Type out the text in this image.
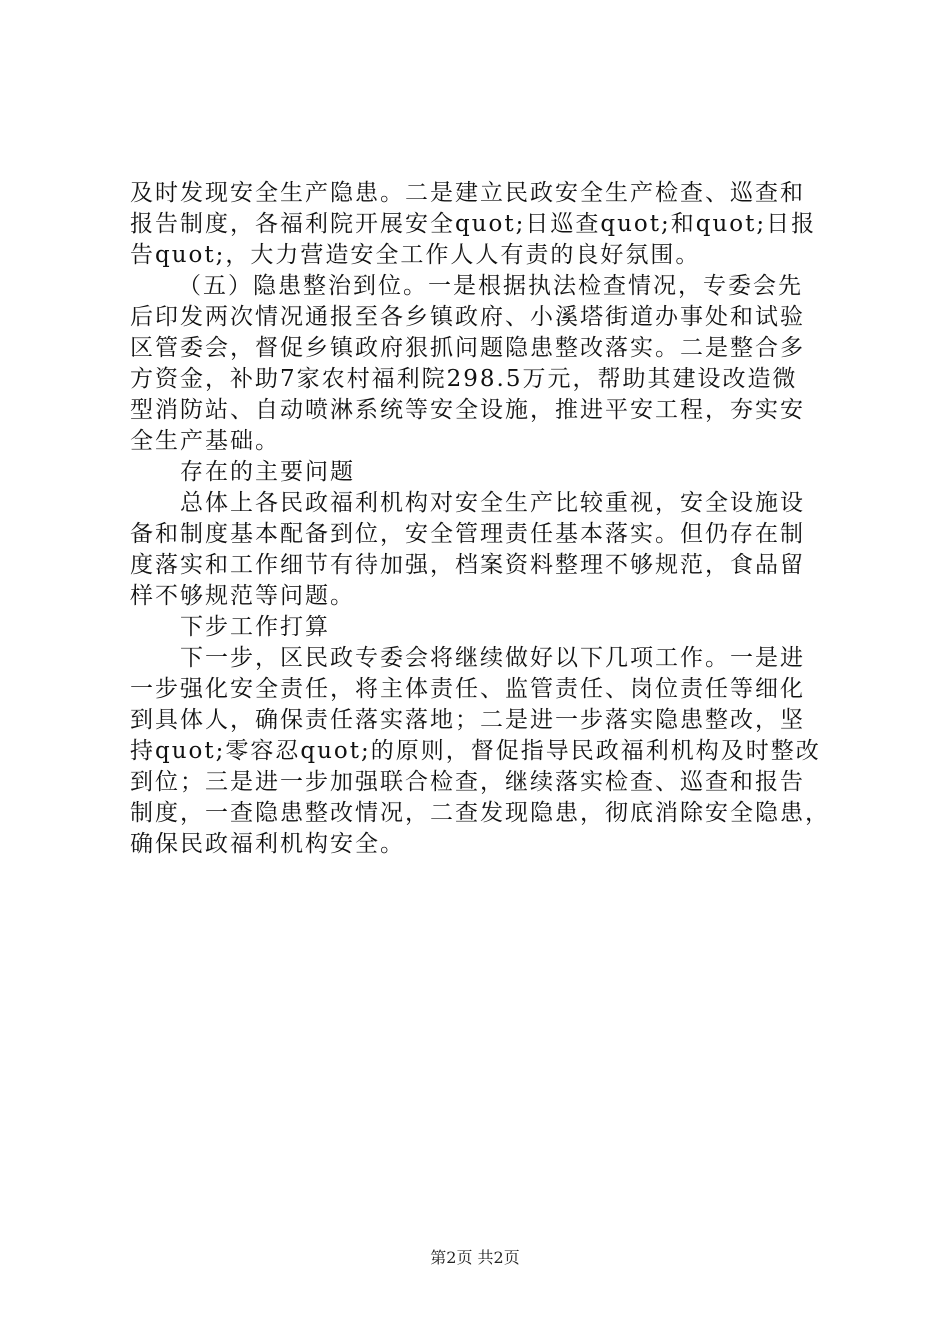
及时发现安全生产隐患。二是建立民政安全生产检查、巡查和
报告制度，各福利院开展安全quot;日巡查quot;和quot;日报
告quot;，大力营造安全工作人人有责的良好氛围。
（五）隐患整治到位。一是根据执法检查情况，专委会先
后印发两次情况通报至各乡镇政府、小溪塔街道办事处和试验
区管委会，督促乡镇政府狠抓问题隐患整改落实。二是整合多
方资金，补助7家农村福利院298.5万元，帮助其建设改造微
型消防站、自动喷淋系统等安全设施，推进平安工程，夯实安
全生产基础。
存在的主要问题
总体上各民政福利机构对安全生产比较重视，安全设施设
备和制度基本配备到位，安全管理责任基本落实。但仍存在制
度落实和工作细节有待加强，档案资料整理不够规范，食品留
样不够规范等问题。
下步工作打算
下一步，区民政专委会将继续做好以下几项工作。一是进
一步强化安全责任，将主体责任、监管责任、岗位责任等细化
到具体人，确保责任落实落地；二是进一步落实隐患整改，坚
持quot;零容忍quot;的原则，督促指导民政福利机构及时整改
到位；三是进一步加强联合检查，继续落实检查、巡查和报告
制度，一查隐患整改情况，二查发现隐患，彻底消除安全隐患，
确保民政福利机构安全。
第2页 共2页
